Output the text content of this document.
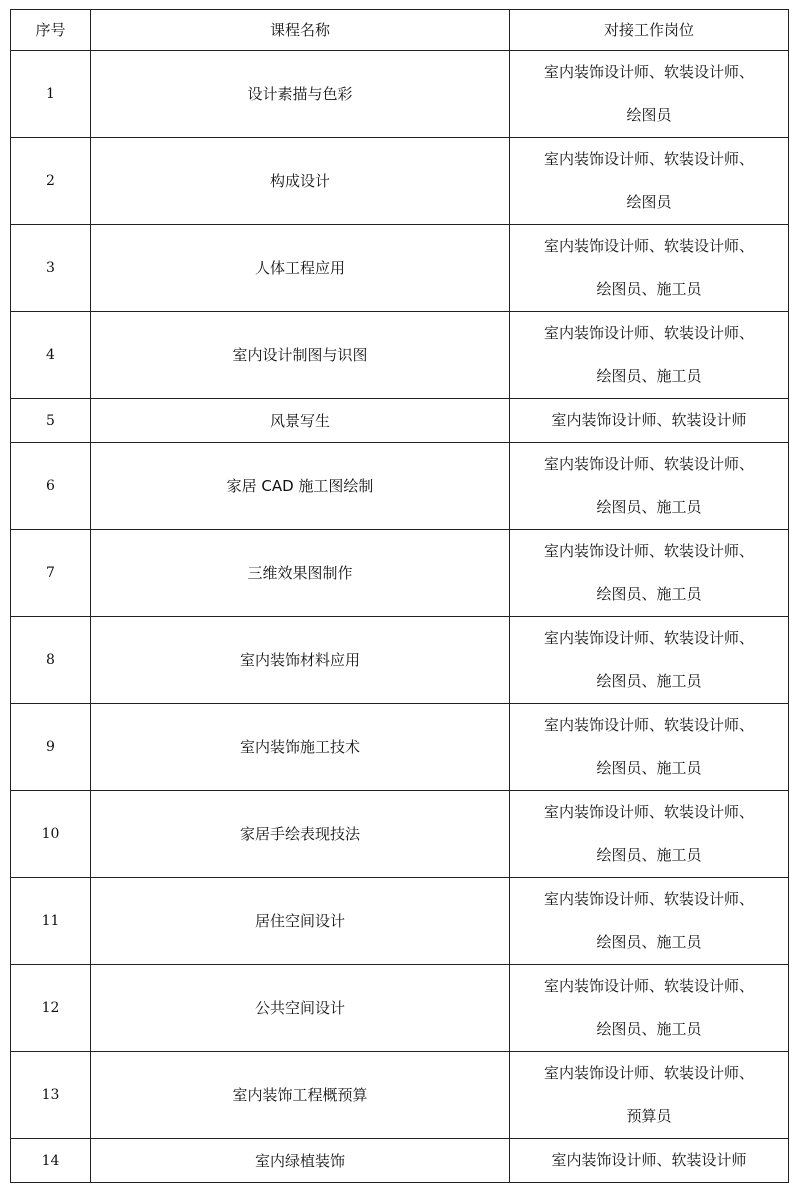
序号	课程名称	对接工作岗位
1	设计素描与色彩	室内装饰设计师、软装设计师、
绘图员

2	构成设计	室内装饰设计师、软装设计师、
绘图员

3	人体工程应用	室内装饰设计师、软装设计师、
绘图员、施工员

4	室内设计制图与识图	室内装饰设计师、软装设计师、
绘图员、施工员

5	风景写生	室内装饰设计师、软装设计师

6	家居 CAD 施工图绘制	室内装饰设计师、软装设计师、
绘图员、施工员

7	三维效果图制作	室内装饰设计师、软装设计师、
绘图员、施工员

8	室内装饰材料应用	室内装饰设计师、软装设计师、
绘图员、施工员

9	室内装饰施工技术	室内装饰设计师、软装设计师、
绘图员、施工员

10	家居手绘表现技法	室内装饰设计师、软装设计师、
绘图员、施工员

11	居住空间设计	室内装饰设计师、软装设计师、
绘图员、施工员

12	公共空间设计	室内装饰设计师、软装设计师、
绘图员、施工员

13	室内装饰工程概预算	室内装饰设计师、软装设计师、
预算员

14	室内绿植装饰	室内装饰设计师、软装设计师
